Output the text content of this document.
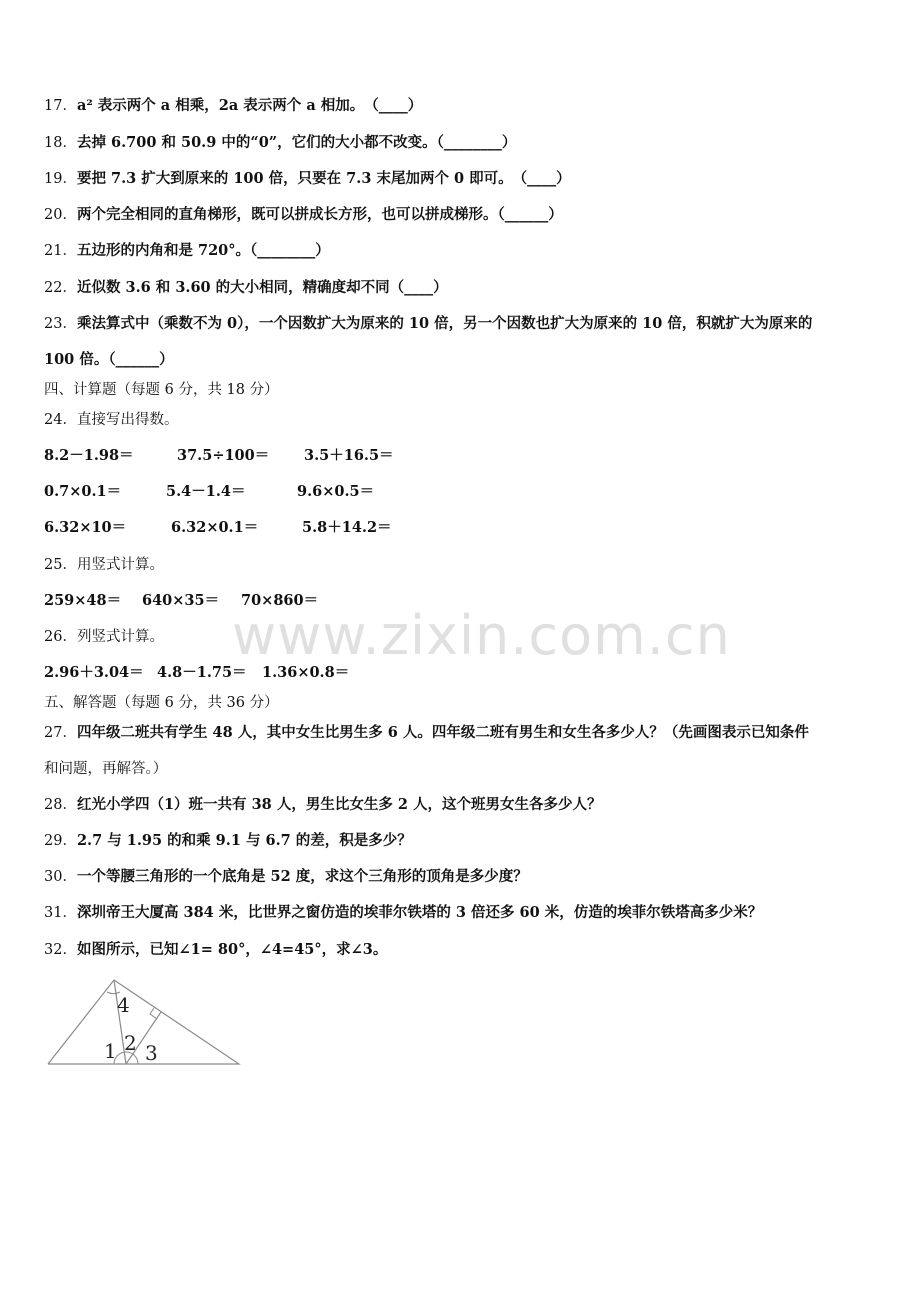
17．a² 表示两个 a 相乘，2a 表示两个 a 相加。　（____）
18．去掉 6.700 和 50.9 中的“0”，它们的大小都不改变。（________）
19．要把 7.3 扩大到原来的 100 倍，只要在 7.3 末尾加两个 0 即可。　（____）
20．两个完全相同的直角梯形，既可以拼成长方形，也可以拼成梯形。（______）
21．五边形的内角和是 720°。（________）
22．近似数 3.6 和 3.60 的大小相同，精确度却不同（____）
23．乘法算式中（乘数不为 0），一个因数扩大为原来的 10 倍，另一个因数也扩大为原来的 10 倍，积就扩大为原来的
100 倍。（______）
四、计算题（每题 6 分，共 18 分）
24．直接写出得数。
8.2－1.98＝	37.5÷100＝ 3.5＋16.5＝
0.7×0.1＝	5.4－1.4＝	9.6×0.5＝
6.32×10＝	6.32×0.1＝	5.8＋14.2＝
25．用竖式计算。
259×48＝ 640×35＝ 70×860＝
26．列竖式计算。
2.96＋3.04＝ 4.8－1.75＝ 1.36×0.8＝
五、解答题（每题 6 分，共 36 分）
27．四年级二班共有学生 48 人，其中女生比男生多 6 人。四年级二班有男生和女生各多少人？（先画图表示已知条件
和问题，再解答。）
28．红光小学四（1）班一共有 38 人，男生比女生多 2 人，这个班男女生各多少人？
29．2.7 与 1.95 的和乘 9.1 与 6.7 的差，积是多少？
30．一个等腰三角形的一个底角是 52 度，求这个三角形的顶角是多少度？
31．深圳帝王大厦高 384 米，比世界之窗仿造的埃菲尔铁塔的 3 倍还多 60 米，仿造的埃菲尔铁塔高多少米？
32．如图所示，已知∠1= 80°，∠4=45°，求∠3。
www.zixin.com.cn
4
1 2 3
